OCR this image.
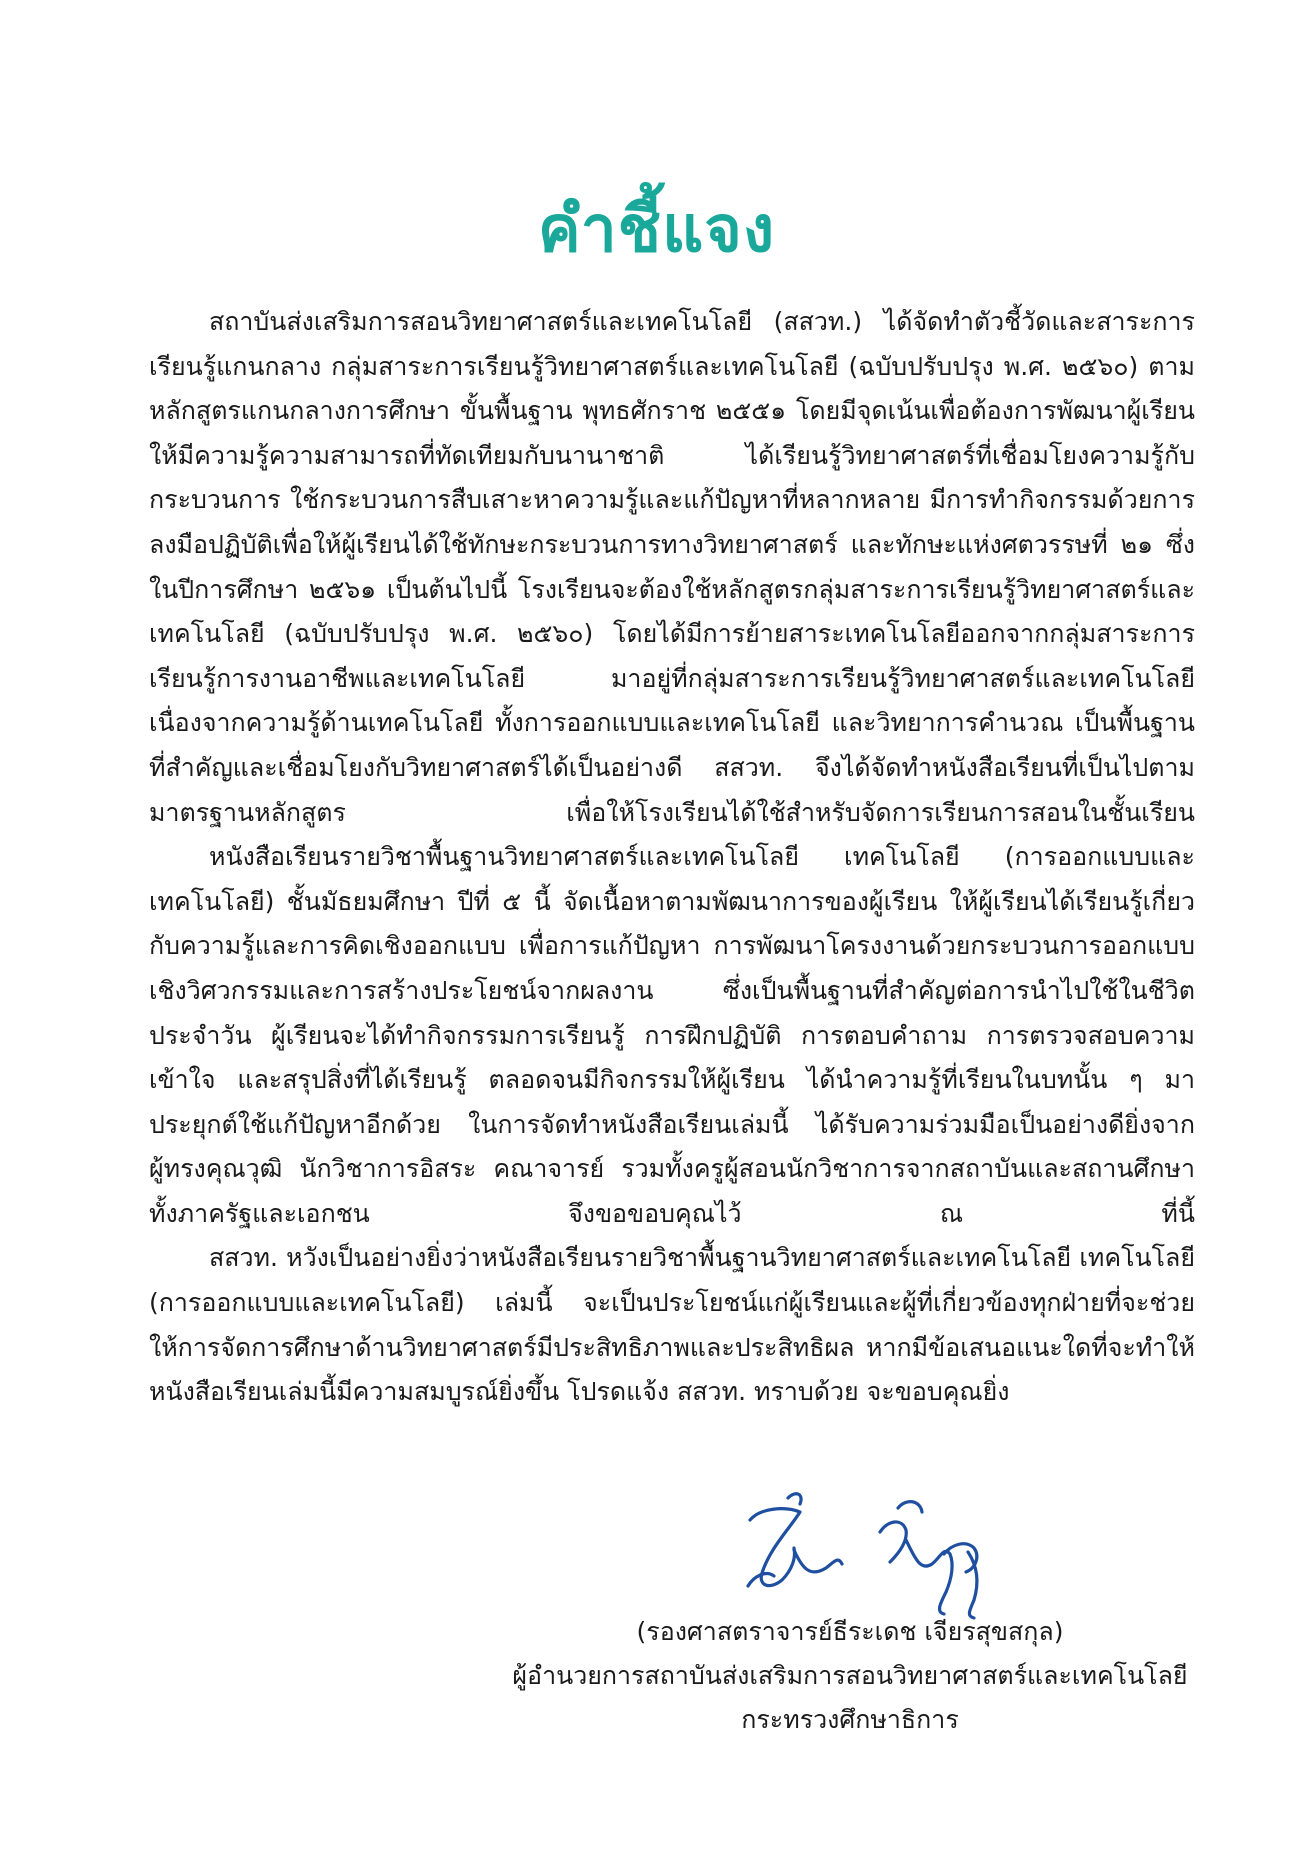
คำชี้แจง

สถาบันส่งเสริมการสอนวิทยาศาสตร์และเทคโนโลยี (สสวท.) ได้จัดทำตัวชี้วัดและสาระการเรียนรู้แกนกลาง กลุ่มสาระการเรียนรู้วิทยาศาสตร์และเทคโนโลยี (ฉบับปรับปรุง พ.ศ. ๒๕๖๐) ตามหลักสูตรแกนกลางการศึกษา ขั้นพื้นฐาน พุทธศักราช ๒๕๕๑ โดยมีจุดเน้นเพื่อต้องการพัฒนาผู้เรียนให้มีความรู้ความสามารถที่ทัดเทียมกับนานาชาติ ได้เรียนรู้วิทยาศาสตร์ที่เชื่อมโยงความรู้กับกระบวนการ ใช้กระบวนการสืบเสาะหาความรู้และแก้ปัญหาที่หลากหลาย มีการทำกิจกรรมด้วยการลงมือปฏิบัติเพื่อให้ผู้เรียนได้ใช้ทักษะกระบวนการทางวิทยาศาสตร์ และทักษะแห่งศตวรรษที่ ๒๑ ซึ่งในปีการศึกษา ๒๕๖๑ เป็นต้นไปนี้ โรงเรียนจะต้องใช้หลักสูตรกลุ่มสาระการเรียนรู้วิทยาศาสตร์และเทคโนโลยี (ฉบับปรับปรุง พ.ศ. ๒๕๖๐) โดยได้มีการย้ายสาระเทคโนโลยีออกจากกลุ่มสาระการเรียนรู้การงานอาชีพและเทคโนโลยี มาอยู่ที่กลุ่มสาระการเรียนรู้วิทยาศาสตร์และเทคโนโลยี เนื่องจากความรู้ด้านเทคโนโลยี ทั้งการออกแบบและเทคโนโลยี และวิทยาการคำนวณ เป็นพื้นฐานที่สำคัญและเชื่อมโยงกับวิทยาศาสตร์ได้เป็นอย่างดี สสวท. จึงได้จัดทำหนังสือเรียนที่เป็นไปตามมาตรฐานหลักสูตร เพื่อให้โรงเรียนได้ใช้สำหรับจัดการเรียนการสอนในชั้นเรียน

หนังสือเรียนรายวิชาพื้นฐานวิทยาศาสตร์และเทคโนโลยี เทคโนโลยี (การออกแบบและเทคโนโลยี) ชั้นมัธยมศึกษา ปีที่ ๕ นี้ จัดเนื้อหาตามพัฒนาการของผู้เรียน ให้ผู้เรียนได้เรียนรู้เกี่ยวกับความรู้และการคิดเชิงออกแบบ เพื่อการแก้ปัญหา การพัฒนาโครงงานด้วยกระบวนการออกแบบเชิงวิศวกรรมและการสร้างประโยชน์จากผลงาน ซึ่งเป็นพื้นฐานที่สำคัญต่อการนำไปใช้ในชีวิตประจำวัน ผู้เรียนจะได้ทำกิจกรรมการเรียนรู้ การฝึกปฏิบัติ การตอบคำถาม การตรวจสอบความเข้าใจ และสรุปสิ่งที่ได้เรียนรู้ ตลอดจนมีกิจกรรมให้ผู้เรียน ได้นำความรู้ที่เรียนในบทนั้น ๆ มาประยุกต์ใช้แก้ปัญหาอีกด้วย ในการจัดทำหนังสือเรียนเล่มนี้ ได้รับความร่วมมือเป็นอย่างดียิ่งจากผู้ทรงคุณวุฒิ นักวิชาการอิสระ คณาจารย์ รวมทั้งครูผู้สอนนักวิชาการจากสถาบันและสถานศึกษาทั้งภาครัฐและเอกชน จึงขอขอบคุณไว้ ณ ที่นี้

สสวท. หวังเป็นอย่างยิ่งว่าหนังสือเรียนรายวิชาพื้นฐานวิทยาศาสตร์และเทคโนโลยี เทคโนโลยี (การออกแบบและเทคโนโลยี) เล่มนี้ จะเป็นประโยชน์แก่ผู้เรียนและผู้ที่เกี่ยวข้องทุกฝ่ายที่จะช่วยให้การจัดการศึกษาด้านวิทยาศาสตร์มีประสิทธิภาพและประสิทธิผล หากมีข้อเสนอแนะใดที่จะทำให้หนังสือเรียนเล่มนี้มีความสมบูรณ์ยิ่งขึ้น โปรดแจ้ง สสวท. ทราบด้วย จะขอบคุณยิ่ง

(รองศาสตราจารย์ธีระเดช เจียรสุขสกุล)
ผู้อำนวยการสถาบันส่งเสริมการสอนวิทยาศาสตร์และเทคโนโลยี
กระทรวงศึกษาธิการ
